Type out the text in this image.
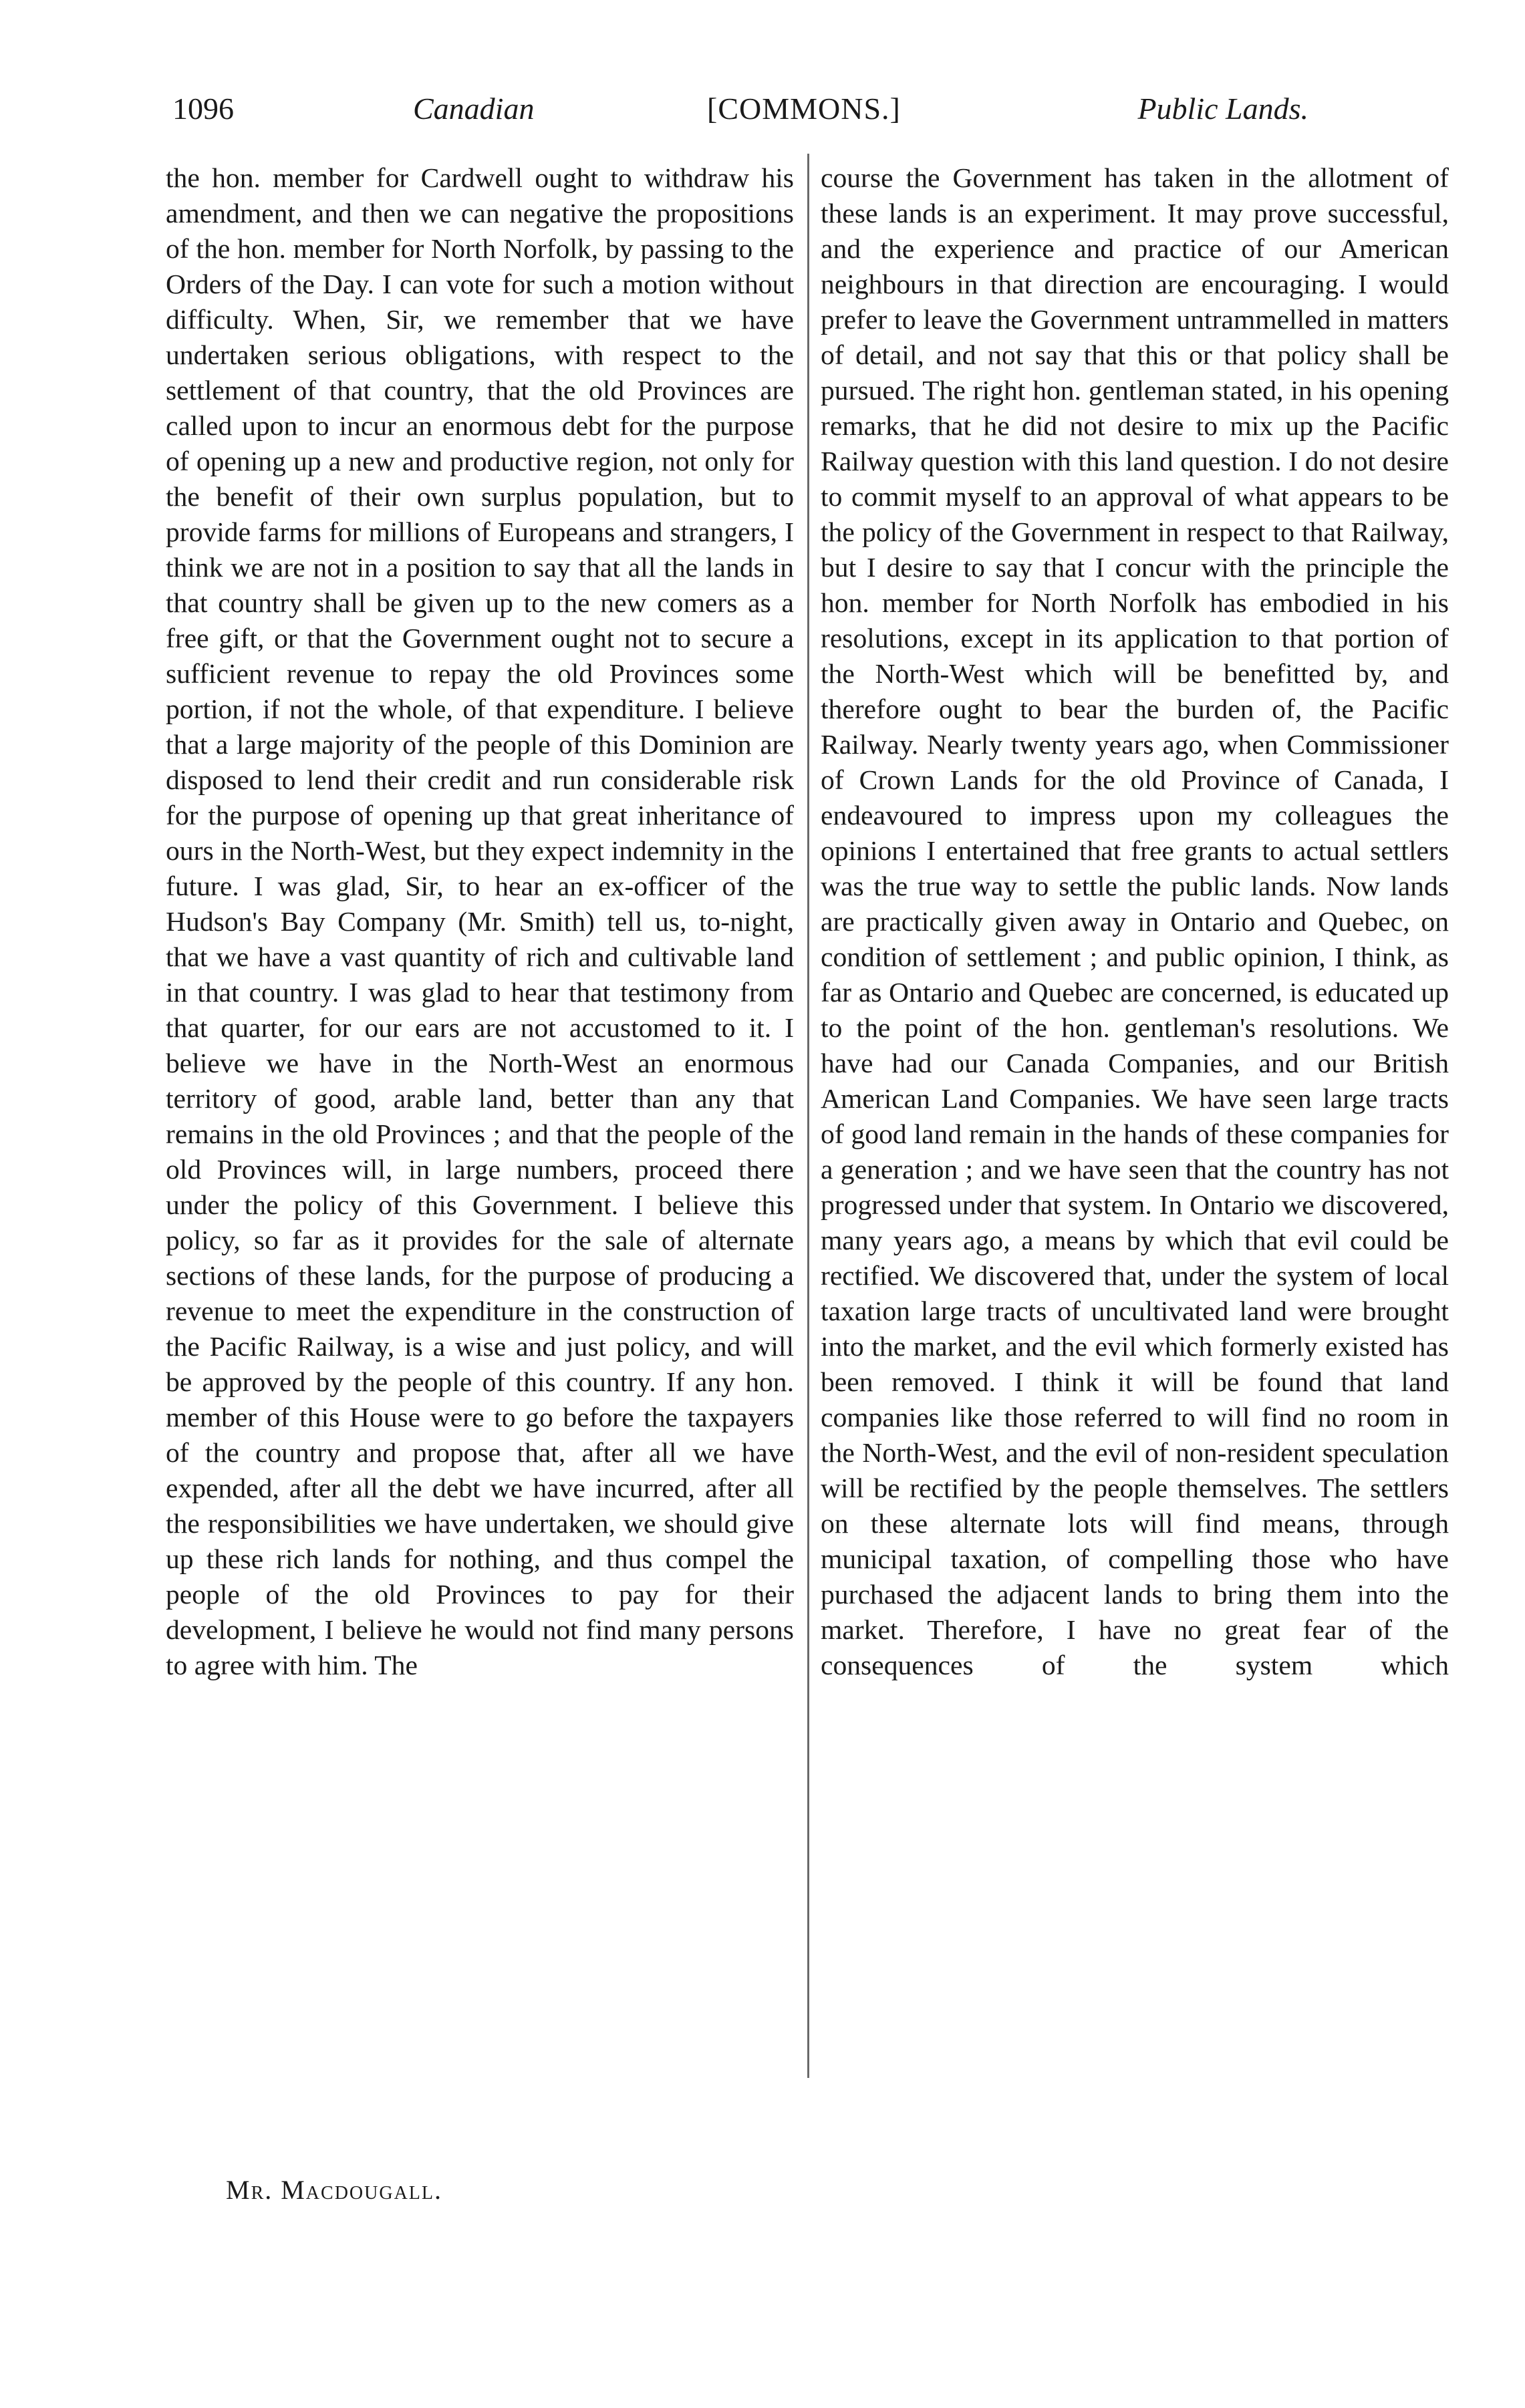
1096	Canadian	[COMMONS.]	Public Lands.

the hon. member for Cardwell ought to withdraw his amendment, and then we can negative the propositions of the hon. member for North Norfolk, by passing to the Orders of the Day. I can vote for such a motion without difficulty. When, Sir, we remember that we have undertaken serious obligations, with respect to the settlement of that country, that the old Provinces are called upon to incur an enormous debt for the purpose of opening up a new and productive region, not only for the benefit of their own surplus population, but to provide farms for millions of Europeans and strangers, I think we are not in a position to say that all the lands in that country shall be given up to the new comers as a free gift, or that the Government ought not to secure a sufficient revenue to repay the old Provinces some portion, if not the whole, of that expenditure. I believe that a large majority of the people of this Dominion are disposed to lend their credit and run considerable risk for the purpose of opening up that great inheritance of ours in the North-West, but they expect indemnity in the future. I was glad, Sir, to hear an ex-officer of the Hudson's Bay Company (Mr. Smith) tell us, to-night, that we have a vast quantity of rich and cultivable land in that country. I was glad to hear that testimony from that quarter, for our ears are not accustomed to it. I believe we have in the North-West an enormous territory of good, arable land, better than any that remains in the old Provinces ; and that the people of the old Provinces will, in large numbers, proceed there under the policy of this Government. I believe this policy, so far as it provides for the sale of alternate sections of these lands, for the purpose of producing a revenue to meet the expenditure in the construction of the Pacific Railway, is a wise and just policy, and will be approved by the people of this country. If any hon. member of this House were to go before the taxpayers of the country and propose that, after all we have expended, after all the debt we have incurred, after all the responsibilities we have undertaken, we should give up these rich lands for nothing, and thus compel the people of the old Provinces to pay for their development, I believe he would not find many persons to agree with him. The

course the Government has taken in the allotment of these lands is an experiment. It may prove successful, and the experience and practice of our American neighbours in that direction are encouraging. I would prefer to leave the Government untrammelled in matters of detail, and not say that this or that policy shall be pursued. The right hon. gentleman stated, in his opening remarks, that he did not desire to mix up the Pacific Railway question with this land question. I do not desire to commit myself to an approval of what appears to be the policy of the Government in respect to that Railway, but I desire to say that I concur with the principle the hon. member for North Norfolk has embodied in his resolutions, except in its application to that portion of the North-West which will be benefitted by, and therefore ought to bear the burden of, the Pacific Railway. Nearly twenty years ago, when Commissioner of Crown Lands for the old Province of Canada, I endeavoured to impress upon my colleagues the opinions I entertained that free grants to actual settlers was the true way to settle the public lands. Now lands are practically given away in Ontario and Quebec, on condition of settlement ; and public opinion, I think, as far as Ontario and Quebec are concerned, is educated up to the point of the hon. gentleman's resolutions. We have had our Canada Companies, and our British American Land Companies. We have seen large tracts of good land remain in the hands of these companies for a generation ; and we have seen that the country has not progressed under that system. In Ontario we discovered, many years ago, a means by which that evil could be rectified. We discovered that, under the system of local taxation large tracts of uncultivated land were brought into the market, and the evil which formerly existed has been removed. I think it will be found that land companies like those referred to will find no room in the North-West, and the evil of non-resident speculation will be rectified by the people themselves. The settlers on these alternate lots will find means, through municipal taxation, of compelling those who have purchased the adjacent lands to bring them into the market. Therefore, I have no great fear of the consequences of the system which

Mr. Macdougall.
